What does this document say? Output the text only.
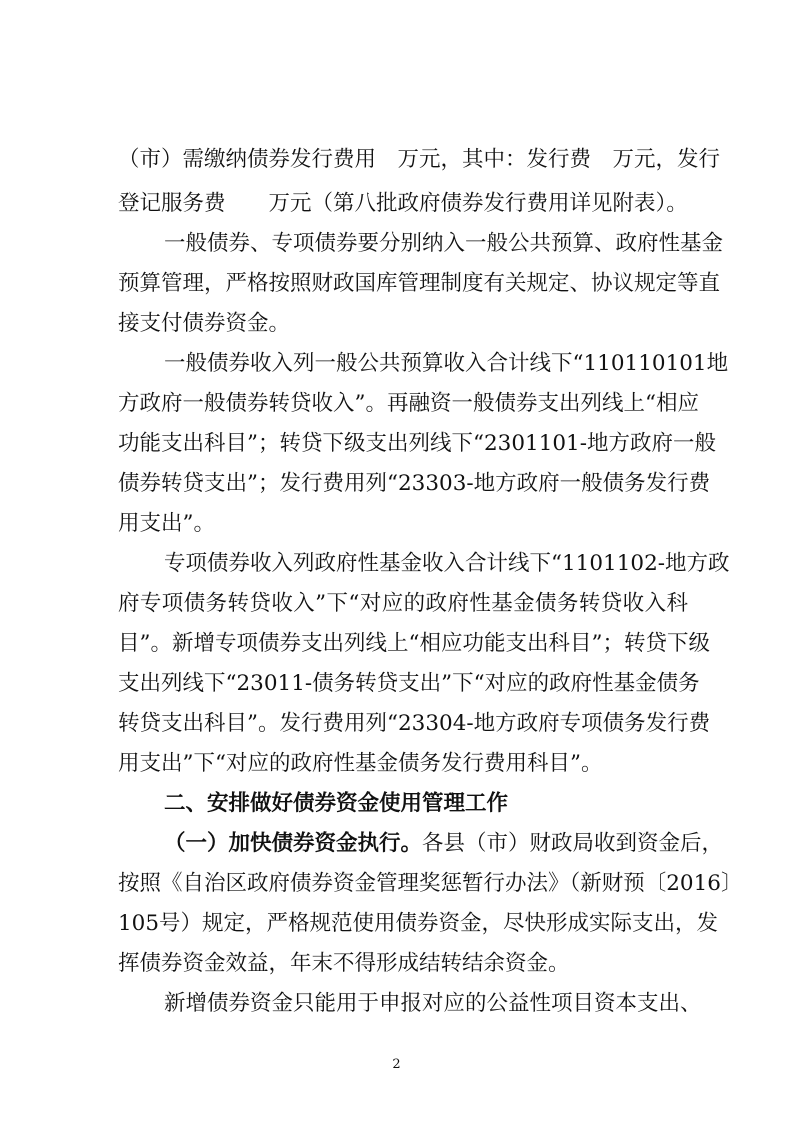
（市）需缴纳债券发行费用　万元，其中：发行费　万元，发行
登记服务费　　万元（第八批政府债券发行费用详见附表）。
一般债券、专项债券要分别纳入一般公共预算、政府性基金
预算管理，严格按照财政国库管理制度有关规定、协议规定等直
接支付债券资金。
一般债券收入列一般公共预算收入合计线下“110110101地
方政府一般债券转贷收入”。再融资一般债券支出列线上“相应
功能支出科目”；转贷下级支出列线下“2301101-地方政府一般
债券转贷支出”；发行费用列“23303-地方政府一般债务发行费
用支出”。
专项债券收入列政府性基金收入合计线下“1101102-地方政
府专项债务转贷收入”下“对应的政府性基金债务转贷收入科
目”。新增专项债券支出列线上“相应功能支出科目”；转贷下级
支出列线下“23011-债务转贷支出”下“对应的政府性基金债务
转贷支出科目”。发行费用列“23304-地方政府专项债务发行费
用支出”下“对应的政府性基金债务发行费用科目”。
二、安排做好债券资金使用管理工作
（一）加快债券资金执行。各县（市）财政局收到资金后，
按照《自治区政府债券资金管理奖惩暂行办法》（新财预〔2016〕
105号）规定，严格规范使用债券资金，尽快形成实际支出，发
挥债券资金效益，年末不得形成结转结余资金。
新增债券资金只能用于申报对应的公益性项目资本支出、
2
